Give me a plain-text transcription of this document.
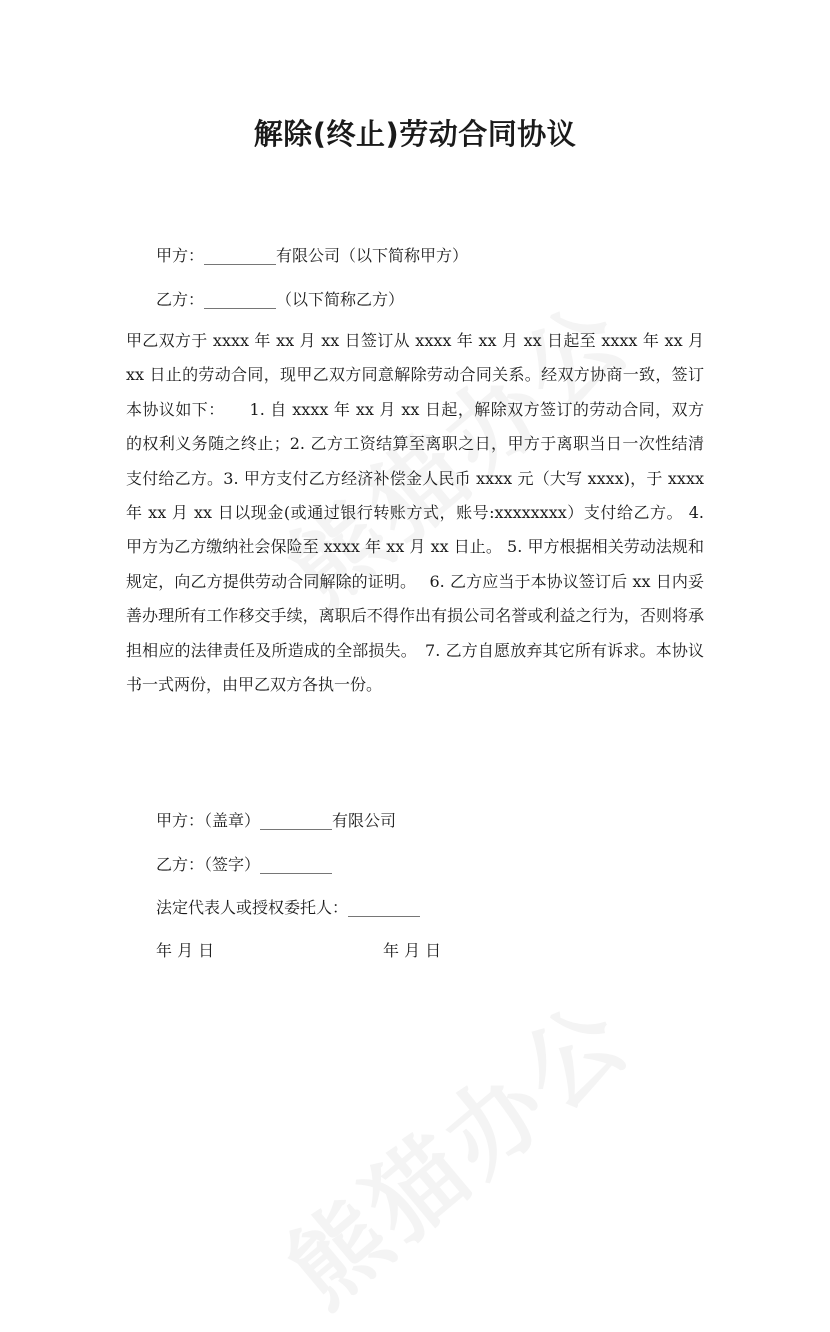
解除(终止)劳动合同协议

甲方：_________有限公司（以下简称甲方）

乙方：_________（以下简称乙方）

甲乙双方于 xxxx 年 xx 月 xx 日签订从 xxxx 年 xx 月 xx 日起至 xxxx 年 xx 月 xx 日止的劳动合同，现甲乙双方同意解除劳动合同关系。经双方协商一致，签订本协议如下：　　1. 自 xxxx 年 xx 月 xx 日起，解除双方签订的劳动合同，双方的权利义务随之终止；2. 乙方工资结算至离职之日，甲方于离职当日一次性结清支付给乙方。3. 甲方支付乙方经济补偿金人民币 xxxx 元（大写 xxxx)，于 xxxx 年 xx 月 xx 日以现金(或通过银行转账方式，账号:xxxxxxxx）支付给乙方。 4. 甲方为乙方缴纳社会保险至 xxxx 年 xx 月 xx 日止。 5. 甲方根据相关劳动法规和规定，向乙方提供劳动合同解除的证明。　 6. 乙方应当于本协议签订后 xx 日内妥善办理所有工作移交手续，离职后不得作出有损公司名誉或利益之行为，否则将承担相应的法律责任及所造成的全部损失。　7. 乙方自愿放弃其它所有诉求。本协议书一式两份，由甲乙双方各执一份。

甲方：（盖章）_________有限公司

乙方：（签字）_________

法定代表人或授权委托人：_________

年 月 日	年 月 日
